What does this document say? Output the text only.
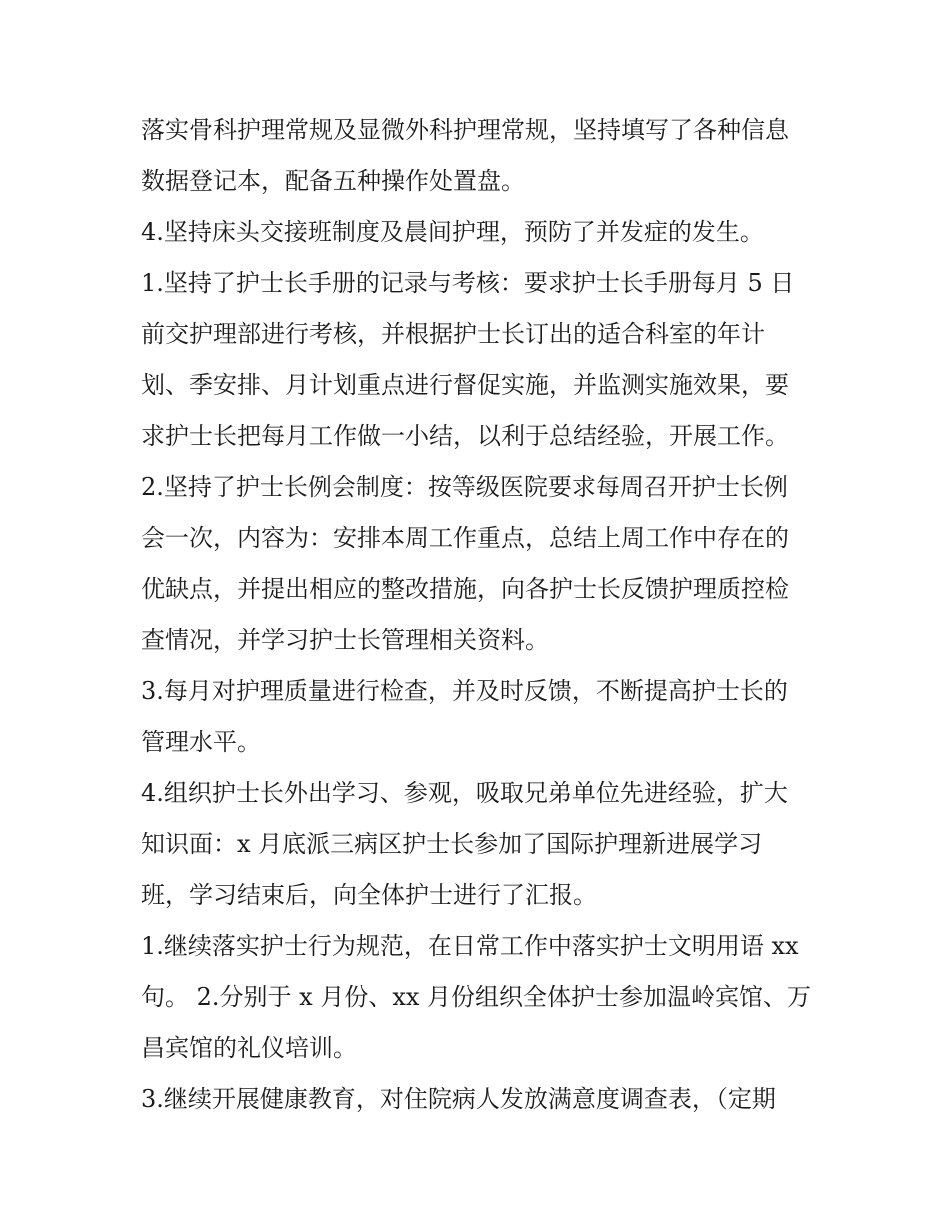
落实骨科护理常规及显微外科护理常规，坚持填写了各种信息
数据登记本，配备五种操作处置盘。
4.坚持床头交接班制度及晨间护理，预防了并发症的发生。
1.坚持了护士长手册的记录与考核：要求护士长手册每月 5 日
前交护理部进行考核，并根据护士长订出的适合科室的年计
划、季安排、月计划重点进行督促实施，并监测实施效果，要
求护士长把每月工作做一小结，以利于总结经验，开展工作。
2.坚持了护士长例会制度：按等级医院要求每周召开护士长例
会一次，内容为：安排本周工作重点，总结上周工作中存在的
优缺点，并提出相应的整改措施，向各护士长反馈护理质控检
查情况，并学习护士长管理相关资料。
3.每月对护理质量进行检查，并及时反馈，不断提高护士长的
管理水平。
4.组织护士长外出学习、参观，吸取兄弟单位先进经验，扩大
知识面：x 月底派三病区护士长参加了国际护理新进展学习
班，学习结束后，向全体护士进行了汇报。
1.继续落实护士行为规范，在日常工作中落实护士文明用语 xx
句。 2.分别于 x 月份、xx 月份组织全体护士参加温岭宾馆、万
昌宾馆的礼仪培训。
3.继续开展健康教育，对住院病人发放满意度调查表，（定期
